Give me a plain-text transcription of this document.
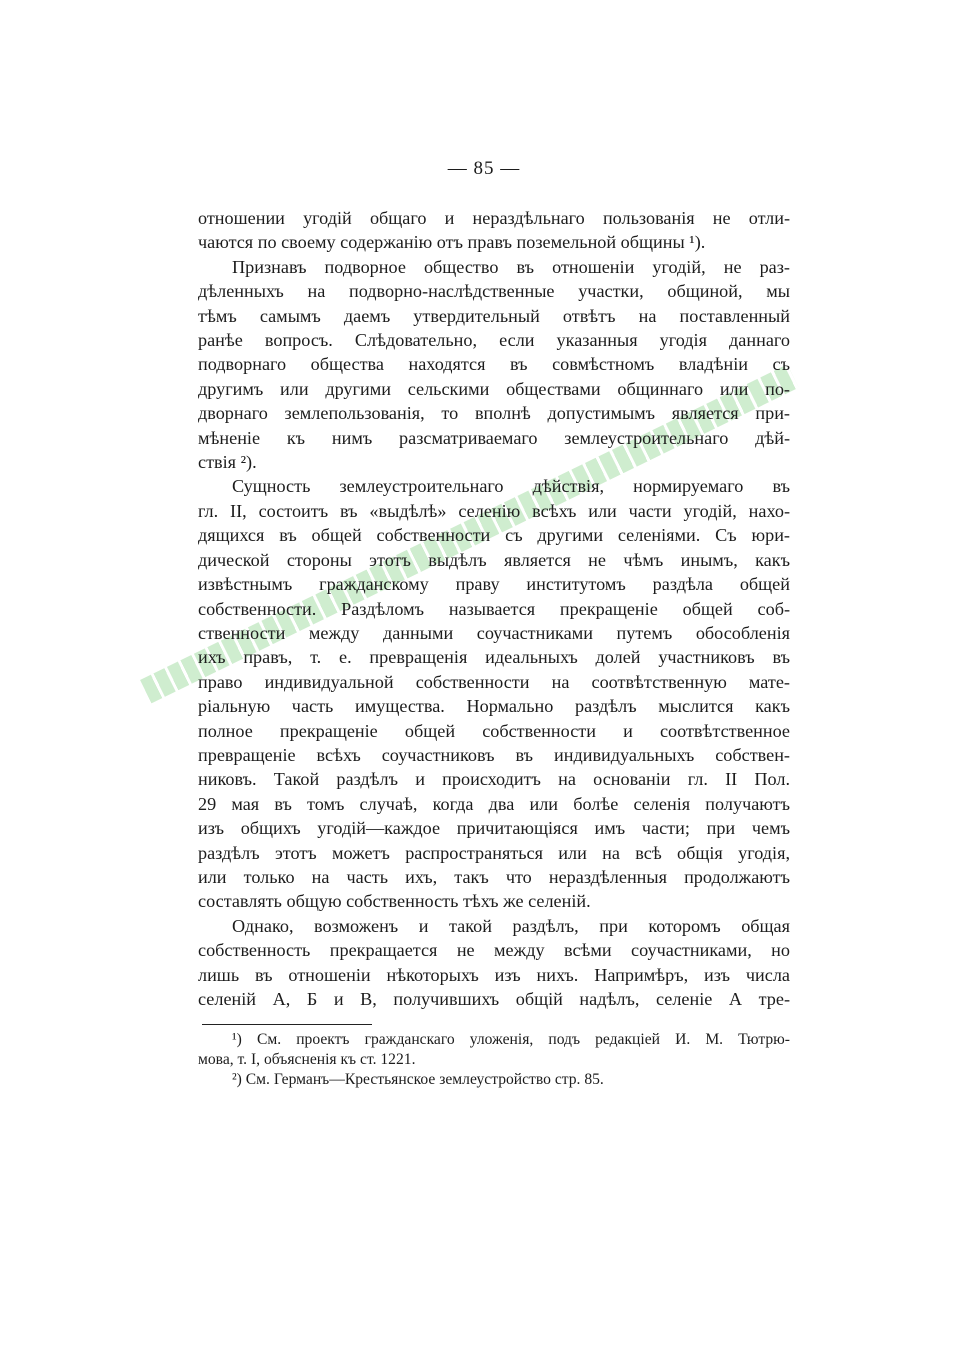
— 85 —
отношении угодій общаго и нераздѣльнаго пользованія не отли-
чаются по своему содержанію отъ правъ поземельной общины ¹).
Признавъ подворное общество въ отношеніи угодій, не раз-
дѣленныхъ на подворно-наслѣдственные участки, общиной, мы
тѣмъ самымъ даемъ утвердительный отвѣтъ на поставленный
ранѣе вопросъ. Слѣдовательно, если указанныя угодія даннаго
подворнаго общества находятся въ совмѣстномъ владѣніи съ
другимъ или другими сельскими обществами общиннаго или по-
дворнаго землепользованія, то вполнѣ допустимымъ является при-
мѣненіе къ нимъ разсматриваемаго землеустроительнаго дѣй-
ствія ²).
Сущность землеустроительнаго дѣйствія, нормируемаго въ
гл. II, состоитъ въ «выдѣлѣ» селенію всѣхъ или части угодій, нахо-
дящихся въ общей собственности съ другими селеніями. Съ юри-
дической стороны этотъ выдѣлъ является не чѣмъ инымъ, какъ
извѣстнымъ гражданскому праву институтомъ раздѣла общей
собственности. Раздѣломъ называется прекращеніе общей соб-
ственности между данными соучастниками путемъ обособленія
ихъ правъ, т. е. превращенія идеальныхъ долей участниковъ въ
право индивидуальной собственности на соотвѣтственную мате-
ріальную часть имущества. Нормально раздѣлъ мыслится какъ
полное прекращеніе общей собственности и соотвѣтственное
превращеніе всѣхъ соучастниковъ въ индивидуальныхъ собствен-
никовъ. Такой раздѣлъ и происходитъ на основаніи гл. II Пол.
29 мая въ томъ случаѣ, когда два или болѣе селенія получаютъ
изъ общихъ угодій—каждое причитающіяся имъ части; при чемъ
раздѣлъ этотъ можетъ распространяться или на всѣ общія угодія,
или только на часть ихъ, такъ что нераздѣленныя продолжаютъ
составлять общую собственность тѣхъ же селеній.
Однако, возможенъ и такой раздѣлъ, при которомъ общая
собственность прекращается не между всѣми соучастниками, но
лишь въ отношеніи нѣкоторыхъ изъ нихъ. Напримѣръ, изъ числа
селеній А, Б и В, получившихъ общій надѣлъ, селеніе А тре-
¹) См. проектъ гражданскаго уложенія, подъ редакціей И. М. Тютрю-
мова, т. I, объясненія къ ст. 1221.
²) См. Германъ—Крестьянское землеустройство стр. 85.
